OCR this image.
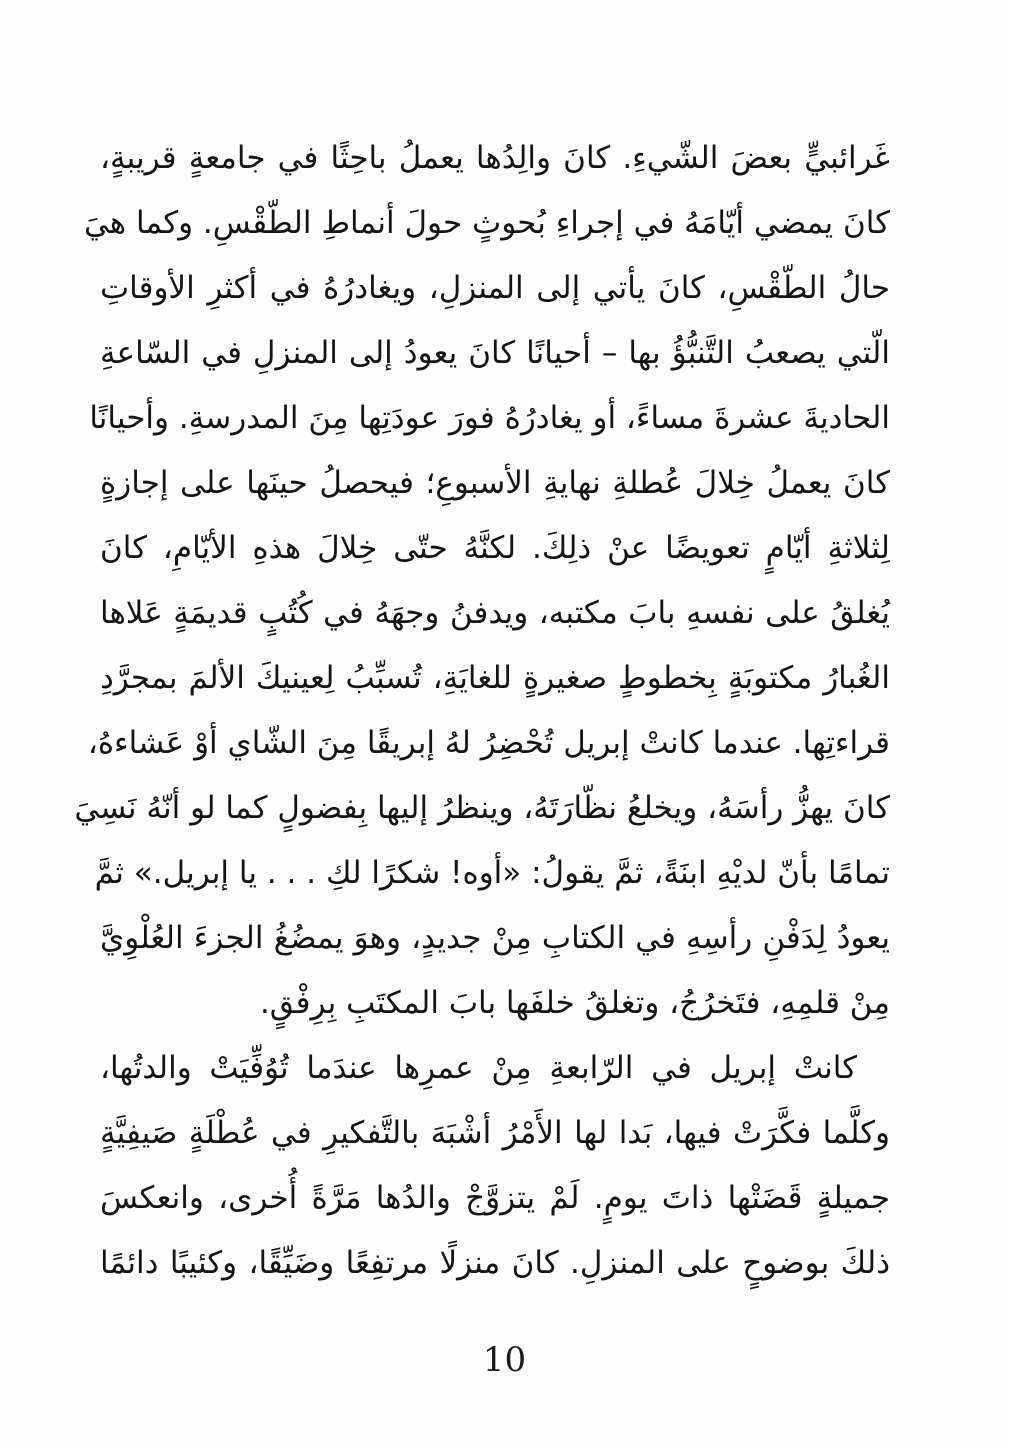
غَرائبيٍّ بعضَ الشّيءِ. كانَ والِدُها يعملُ باحِثًا في جامعةٍ قريبةٍ،
كانَ يمضي أيّامَهُ في إجراءِ بُحوثٍ حولَ أنماطِ الطّقْسِ. وكما هيَ
حالُ الطّقْسِ، كانَ يأتي إلى المنزلِ، ويغادرُهُ في أكثرِ الأوقاتِ
الّتي يصعبُ التَّنبُّؤُ بها – أحيانًا كانَ يعودُ إلى المنزلِ في السّاعةِ
الحاديةَ عشرةَ مساءً، أو يغادرُهُ فورَ عودَتِها مِنَ المدرسةِ. وأحيانًا
كانَ يعملُ خِلالَ عُطلةِ نهايةِ الأسبوعِ؛ فيحصلُ حينَها على إجازةٍ
لِثلاثةِ أيّامٍ تعويضًا عنْ ذلِكَ. لكنَّهُ حتّى خِلالَ هذهِ الأيّامِ، كانَ
يُغلقُ على نفسهِ بابَ مكتبه، ويدفنُ وجهَهُ في كُتُبٍ قديمَةٍ عَلاها
الغُبارُ مكتوبَةٍ بِخطوطٍ صغيرةٍ للغايَةِ، تُسبِّبُ لِعينيكَ الألمَ بمجرَّدِ
قراءتِها. عندما كانتْ إبريل تُحْضِرُ لهُ إبريقًا مِنَ الشّاي أوْ عَشاءهُ،
كانَ يهزُّ رأسَهُ، ويخلعُ نظّارَتَهُ، وينظرُ إليها بِفضولٍ كما لو أنّهُ نَسِيَ
تمامًا بأنّ لديْهِ ابنَةً، ثمَّ يقولُ: «أوه! شكرًا لكِ . . . يا إبريل.» ثمَّ
يعودُ لِدَفْنِ رأسِهِ في الكتابِ مِنْ جديدٍ، وهوَ يمضُغُ الجزءَ العُلْوِيَّ
مِنْ قلمِهِ، فتَخرُجُ، وتغلقُ خلفَها بابَ المكتَبِ بِرِفْقٍ.
كانتْ إبريل في الرّابعةِ مِنْ عمرِها عندَما تُوُفِّيَتْ والدتُها،
وكلَّما فكَّرَتْ فيها، بَدا لها الأَمْرُ أشْبَهَ بالتَّفكيرِ في عُطْلَةٍ صَيفِيَّةٍ
جميلةٍ قَضَتْها ذاتَ يومٍ. لَمْ يتزوَّجْ والدُها مَرَّةً أُخرى، وانعكسَ
ذلكَ بوضوحٍ على المنزلِ. كانَ منزلًا مرتفِعًا وضَيِّقًا، وكئيبًا دائمًا
10
